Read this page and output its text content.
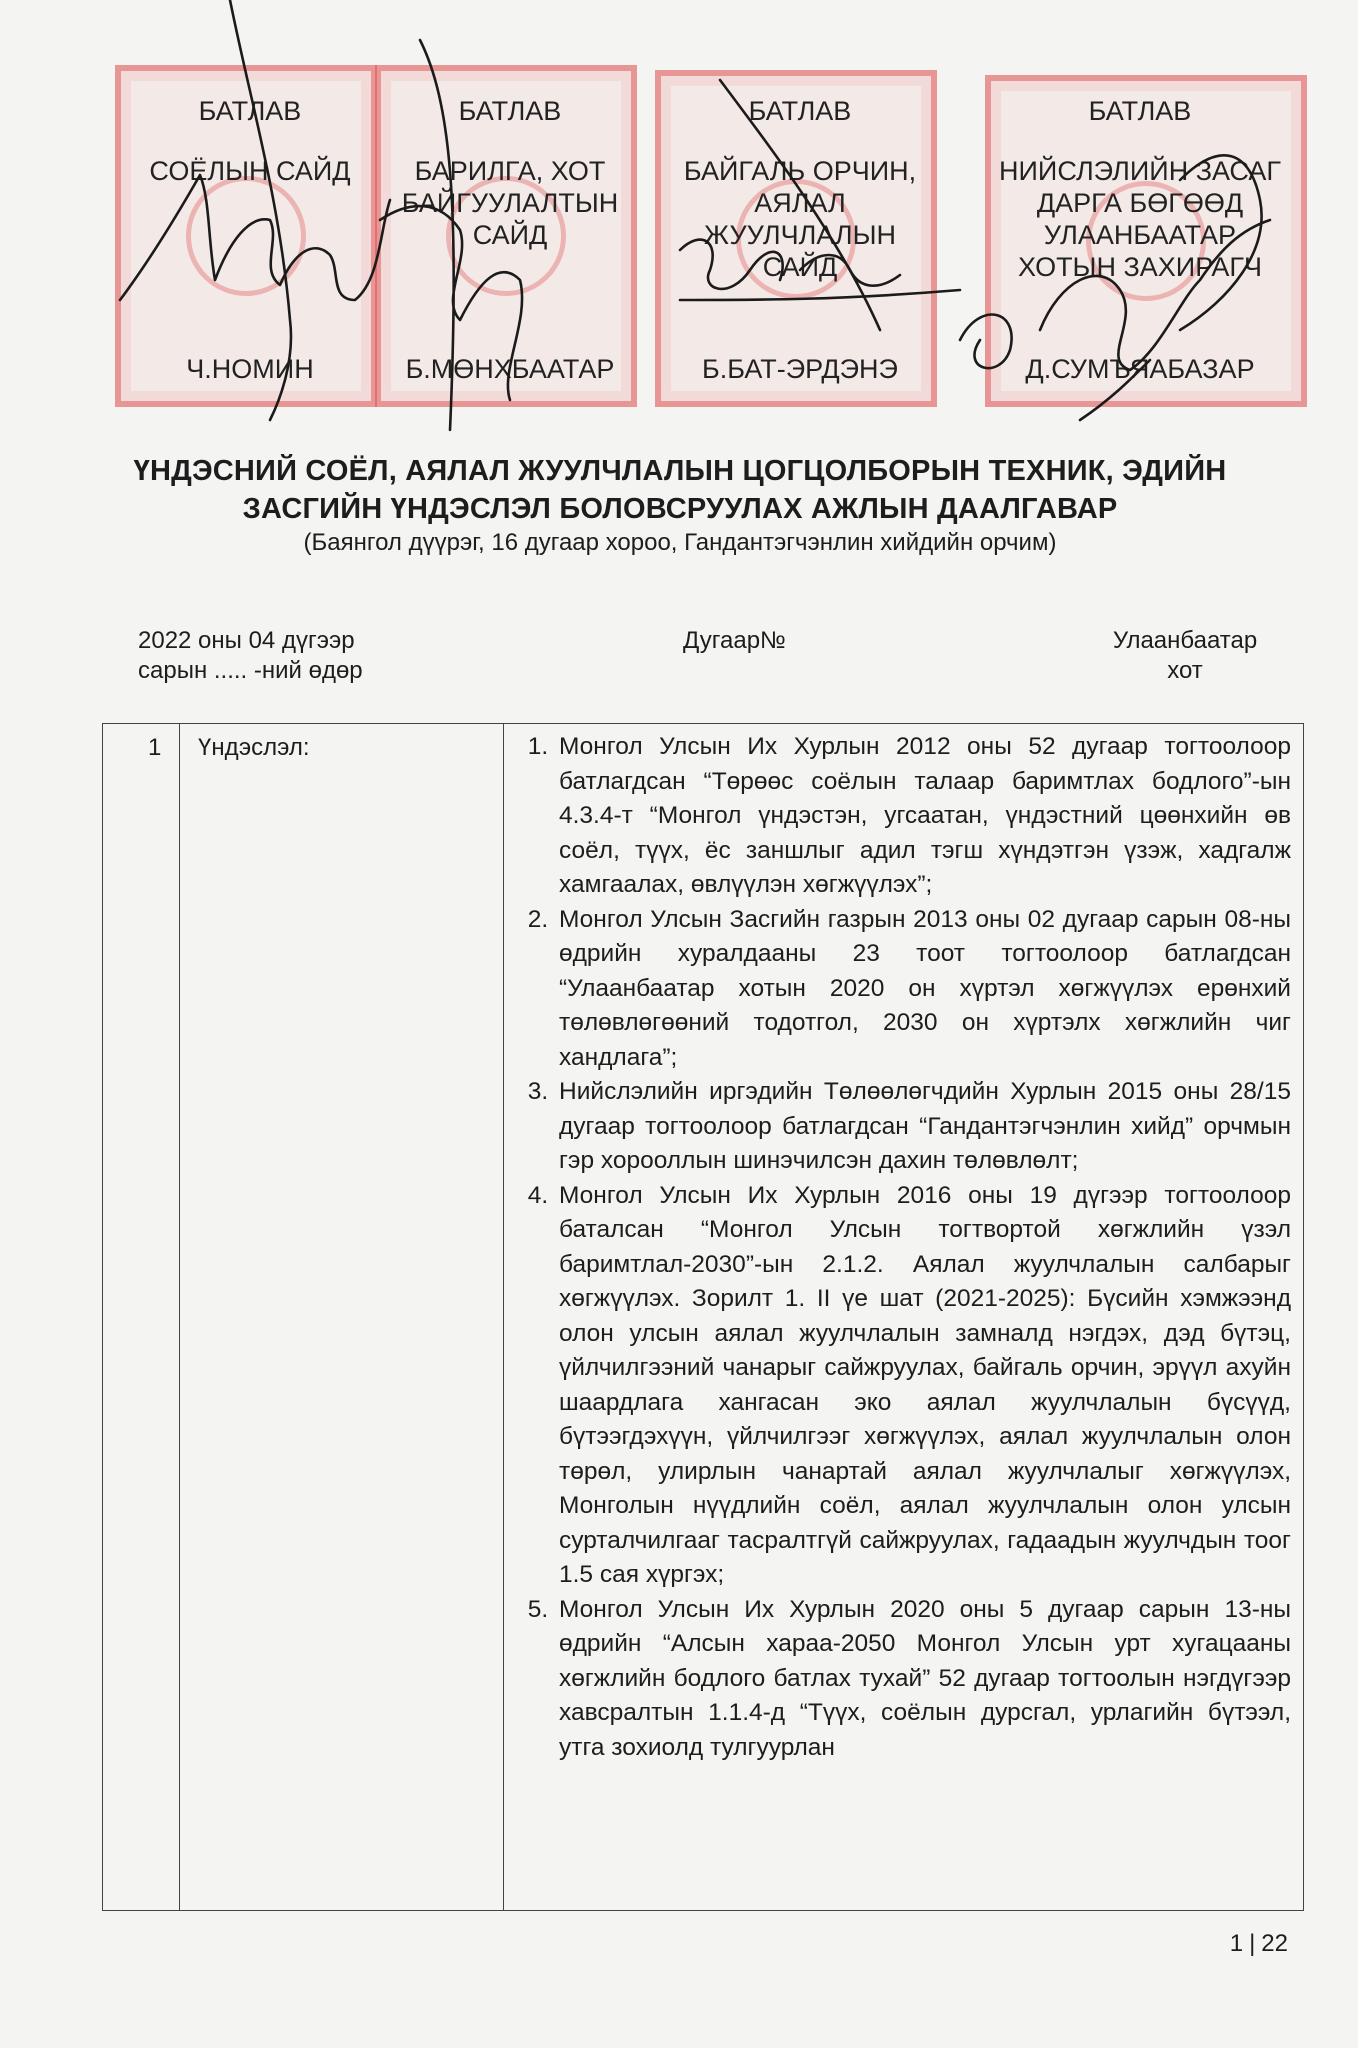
БАТЛАВ
СОЁЛЫН САЙД
Ч.НОМИН
БАТЛАВ
БАРИЛГА, ХОТ
БАЙГУУЛАЛТЫН
САЙД
Б.МӨНХБААТАР
БАТЛАВ
БАЙГАЛЬ ОРЧИН,
АЯЛАЛ ЖУУЛЧЛАЛЫН
САЙД
Б.БАТ-ЭРДЭНЭ
БАТЛАВ
НИЙСЛЭЛИЙН ЗАСАГ
ДАРГА БӨГӨӨД
УЛААНБААТАР
ХОТЫН ЗАХИРАГЧ
Д.СУМЪЯАБАЗАР
ҮНДЭСНИЙ СОЁЛ, АЯЛАЛ ЖУУЛЧЛАЛЫН ЦОГЦОЛБОРЫН ТЕХНИК, ЭДИЙН
ЗАСГИЙН ҮНДЭСЛЭЛ БОЛОВСРУУЛАХ АЖЛЫН ДААЛГАВАР
(Баянгол дүүрэг, 16 дугаар хороо, Гандантэгчэнлин хийдийн орчим)
2022 оны 04 дүгээр
сарын ..... -ний өдөр
Дугаар№	Улаанбаатар
хот
1 Үндэслэл:
1.	Монгол Улсын Их Хурлын 2012 оны 52 дугаар тогтоолоор батлагдсан “Төрөөс соёлын талаар баримтлах бодлого”-ын 4.3.4-т “Монгол үндэстэн, угсаатан, үндэстний цөөнхийн өв соёл, түүх, ёс заншлыг адил тэгш хүндэтгэн үзэж, хадгалж хамгаалах, өвлүүлэн хөгжүүлэх”;
2. Монгол Улсын Засгийн газрын 2013 оны 02 дугаар сарын 08-ны өдрийн хуралдааны 23 тоот тогтоолоор батлагдсан “Улаанбаатар хотын 2020 он хүртэл хөгжүүлэх ерөнхий төлөвлөгөөний тодотгол, 2030 он хүртэлх хөгжлийн чиг хандлага”;
3. Нийслэлийн иргэдийн Төлөөлөгчдийн Хурлын 2015 оны 28/15 дугаар тогтоолоор батлагдсан “Гандантэгчэнлин хийд” орчмын гэр хорооллын шинэчилсэн дахин төлөвлөлт;
4. Монгол Улсын Их Хурлын 2016 оны 19 дүгээр тогтоолоор баталсан “Монгол Улсын тогтвортой хөгжлийн үзэл баримтлал-2030”-ын 2.1.2. Аялал жуулчлалын салбарыг хөгжүүлэх. Зорилт 1. II үе шат (2021-2025): Бүсийн хэмжээнд олон улсын аялал жуулчлалын замналд нэгдэх, дэд бүтэц, үйлчилгээний чанарыг сайжруулах, байгаль орчин, эрүүл ахуйн шаардлага хангасан эко аялал жуулчлалын бүсүүд, бүтээгдэхүүн, үйлчилгээг хөгжүүлэх, аялал жуулчлалын олон төрөл, улирлын чанартай аялал жуулчлалыг хөгжүүлэх, Монголын нүүдлийн соёл, аялал жуулчлалын олон улсын сурталчилгааг тасралтгүй сайжруулах, гадаадын жуулчдын тоог 1.5 сая хүргэх;
5. Монгол Улсын Их Хурлын 2020 оны 5 дугаар сарын 13-ны өдрийн “Алсын хараа-2050 Монгол Улсын урт хугацааны хөгжлийн бодлого батлах тухай” 52 дугаар тогтоолын нэгдүгээр хавсралтын 1.1.4-д “Түүх, соёлын дурсгал, урлагийн бүтээл, утга зохиолд тулгуурлан
1 | 22
